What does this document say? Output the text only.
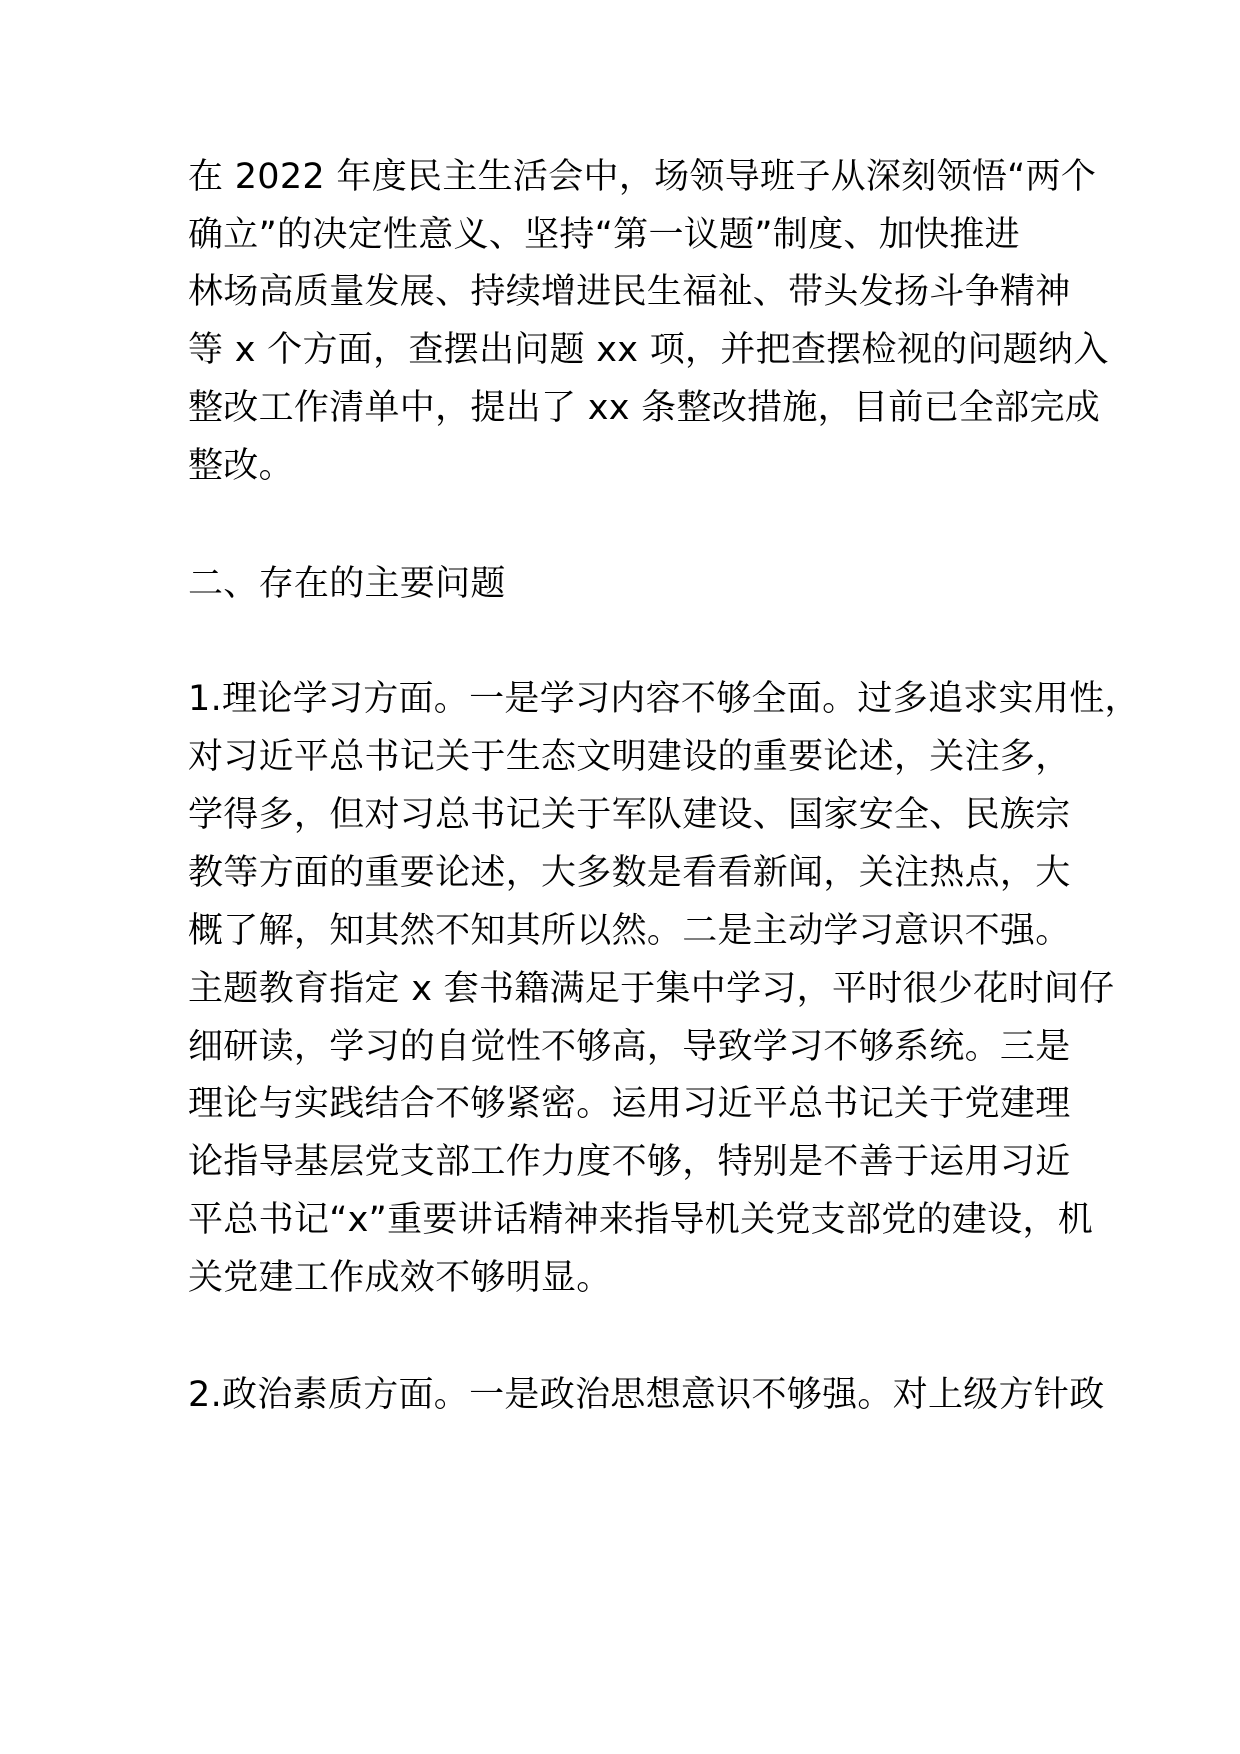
在 2022 年度民主生活会中，场领导班子从深刻领悟“两个
确立”的决定性意义、坚持“第一议题”制度、加快推进
林场高质量发展、持续增进民生福祉、带头发扬斗争精神
等 x 个方面，查摆出问题 xx 项，并把查摆检视的问题纳入
整改工作清单中，提出了 xx 条整改措施，目前已全部完成
整改。
二、存在的主要问题
1.理论学习方面。一是学习内容不够全面。过多追求实用性，
对习近平总书记关于生态文明建设的重要论述，关注多，
学得多，但对习总书记关于军队建设、国家安全、民族宗
教等方面的重要论述，大多数是看看新闻，关注热点，大
概了解，知其然不知其所以然。二是主动学习意识不强。
主题教育指定 x 套书籍满足于集中学习，平时很少花时间仔
细研读，学习的自觉性不够高，导致学习不够系统。三是
理论与实践结合不够紧密。运用习近平总书记关于党建理
论指导基层党支部工作力度不够，特别是不善于运用习近
平总书记“x”重要讲话精神来指导机关党支部党的建设，机
关党建工作成效不够明显。
2.政治素质方面。一是政治思想意识不够强。对上级方针政
